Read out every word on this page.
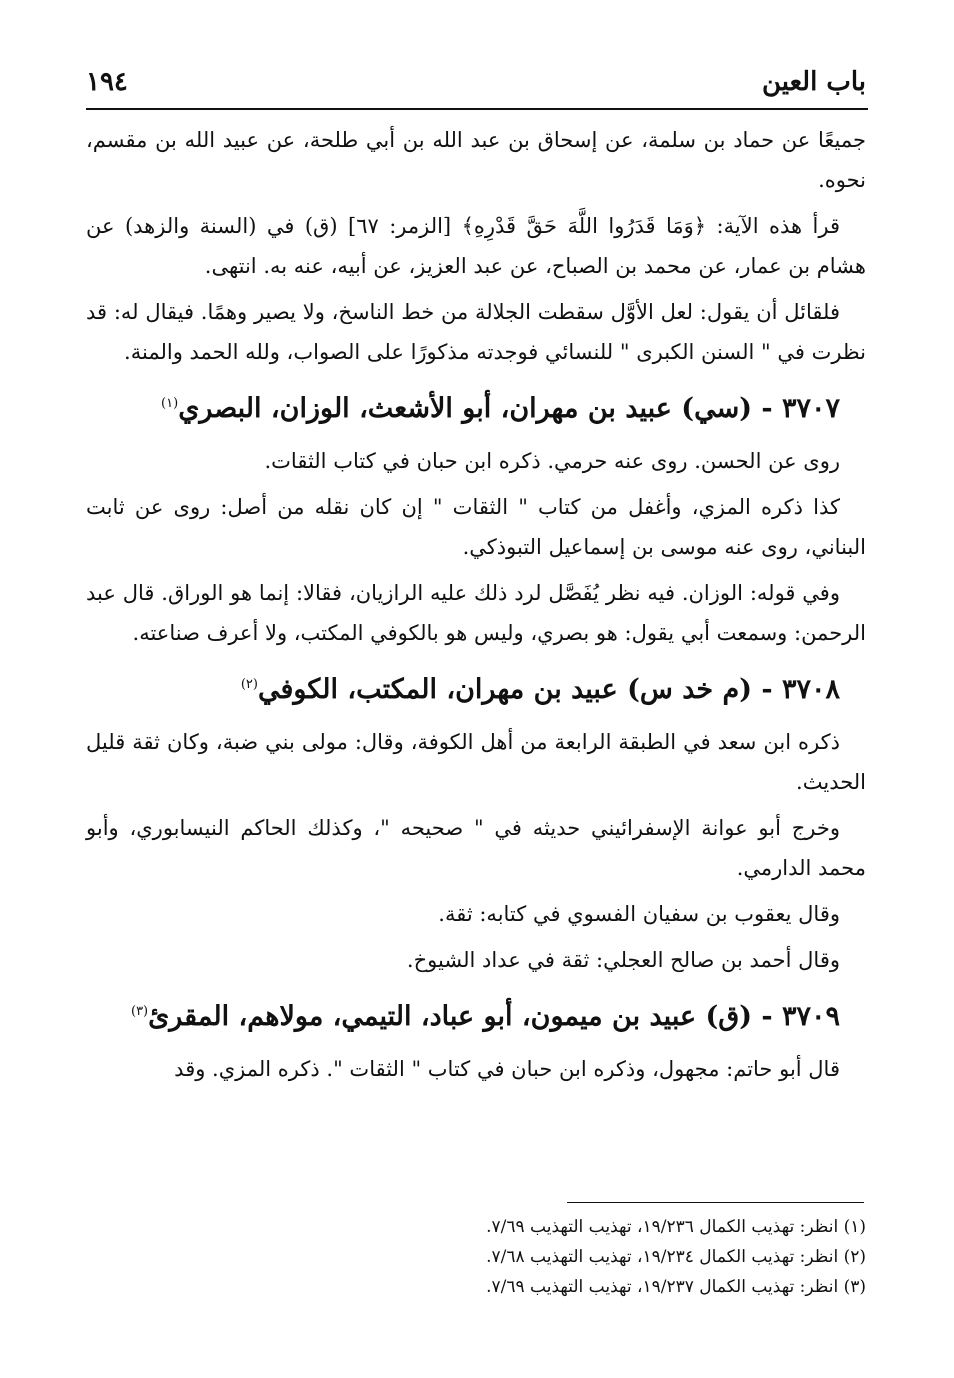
باب العين
١٩٤

جميعًا عن حماد بن سلمة، عن إسحاق بن عبد الله بن أبي طلحة، عن عبيد الله بن مقسم، نحوه.

قرأ هذه الآية: ﴿وَمَا قَدَرُوا اللَّهَ حَقَّ قَدْرِهِ﴾ [الزمر: ٦٧] (ق) في (السنة والزهد) عن هشام بن عمار، عن محمد بن الصباح، عن عبد العزيز، عن أبيه، عنه به. انتهى.

فلقائل أن يقول: لعل الأوَّل سقطت الجلالة من خط الناسخ، ولا يصير وهمًا. فيقال له: قد نظرت في " السنن الكبرى " للنسائي فوجدته مذكورًا على الصواب، ولله الحمد والمنة.

٣٧٠٧ - (سي) عبيد بن مهران، أبو الأشعث، الوزان، البصري$^{(١)}$

روى عن الحسن. روى عنه حرمي. ذكره ابن حبان في كتاب الثقات.

كذا ذكره المزي، وأغفل من كتاب " الثقات " إن كان نقله من أصل: روى عن ثابت البناني، روى عنه موسى بن إسماعيل التبوذكي.

وفي قوله: الوزان. فيه نظر يُفَصَّل لرد ذلك عليه الرازيان، فقالا: إنما هو الوراق. قال عبد الرحمن: وسمعت أبي يقول: هو بصري، وليس هو بالكوفي المكتب، ولا أعرف صناعته.

٣٧٠٨ - (م خد س) عبيد بن مهران، المكتب، الكوفي$^{(٢)}$

ذكره ابن سعد في الطبقة الرابعة من أهل الكوفة، وقال: مولى بني ضبة، وكان ثقة قليل الحديث.

وخرج أبو عوانة الإسفرائيني حديثه في " صحيحه "، وكذلك الحاكم النيسابوري، وأبو محمد الدارمي.

وقال يعقوب بن سفيان الفسوي في كتابه: ثقة.

وقال أحمد بن صالح العجلي: ثقة في عداد الشيوخ.

٣٧٠٩ - (ق) عبيد بن ميمون، أبو عباد، التيمي، مولاهم، المقرئ$^{(٣)}$

قال أبو حاتم: مجهول، وذكره ابن حبان في كتاب " الثقات ". ذكره المزي. وقد

(١) انظر: تهذيب الكمال ١٩/٢٣٦، تهذيب التهذيب ٧/٦٩.
(٢) انظر: تهذيب الكمال ١٩/٢٣٤، تهذيب التهذيب ٧/٦٨.
(٣) انظر: تهذيب الكمال ١٩/٢٣٧، تهذيب التهذيب ٧/٦٩.
